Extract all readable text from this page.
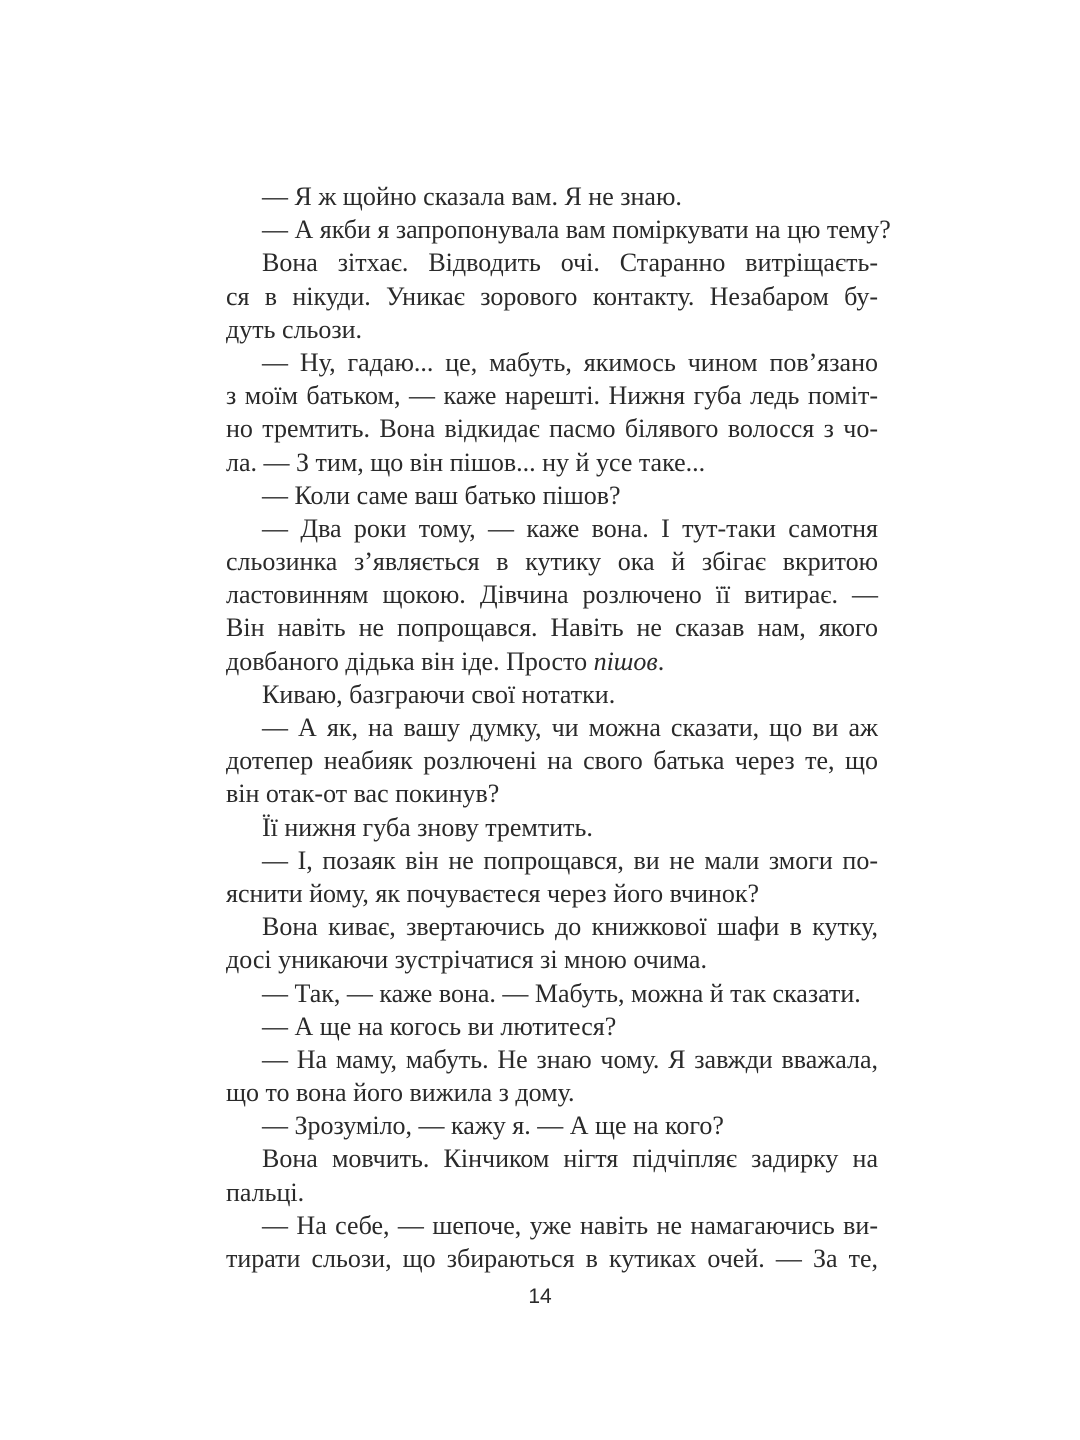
— Я ж щойно сказала вам. Я не знаю.
— А якби я запропонувала вам поміркувати на цю тему?
Вона зітхає. Відводить очі. Старанно витріщаєть-
ся в нікуди. Уникає зорового контакту. Незабаром бу-
дуть сльози.
— Ну, гадаю... це, мабуть, якимось чином пов’язано
з моїм батьком, — каже нарешті. Нижня губа ледь поміт-
но тремтить. Вона відкидає пасмо білявого волосся з чо-
ла. — З тим, що він пішов... ну й усе таке...
— Коли саме ваш батько пішов?
— Два роки тому, — каже вона. І тут-таки самотня
сльозинка з’являється в кутику ока й збігає вкритою
ластовинням щокою. Дівчина розлючено її витирає. —
Він навіть не попрощався. Навіть не сказав нам, якого
довбаного дідька він іде. Просто пішов.
Киваю, базграючи свої нотатки.
— А як, на вашу думку, чи можна сказати, що ви аж
дотепер неабияк розлючені на свого батька через те, що
він отак-от вас покинув?
Її нижня губа знову тремтить.
— І, позаяк він не попрощався, ви не мали змоги по-
яснити йому, як почуваєтеся через його вчинок?
Вона киває, звертаючись до книжкової шафи в кутку,
досі уникаючи зустрічатися зі мною очима.
— Так, — каже вона. — Мабуть, можна й так сказати.
— А ще на когось ви лютитеся?
— На маму, мабуть. Не знаю чому. Я завжди вважала,
що то вона його вижила з дому.
— Зрозуміло, — кажу я. — А ще на кого?
Вона мовчить. Кінчиком нігтя підчіпляє задирку на
пальці.
— На себе, — шепоче, уже навіть не намагаючись ви-
тирати сльози, що збираються в кутиках очей. — За те,
14
